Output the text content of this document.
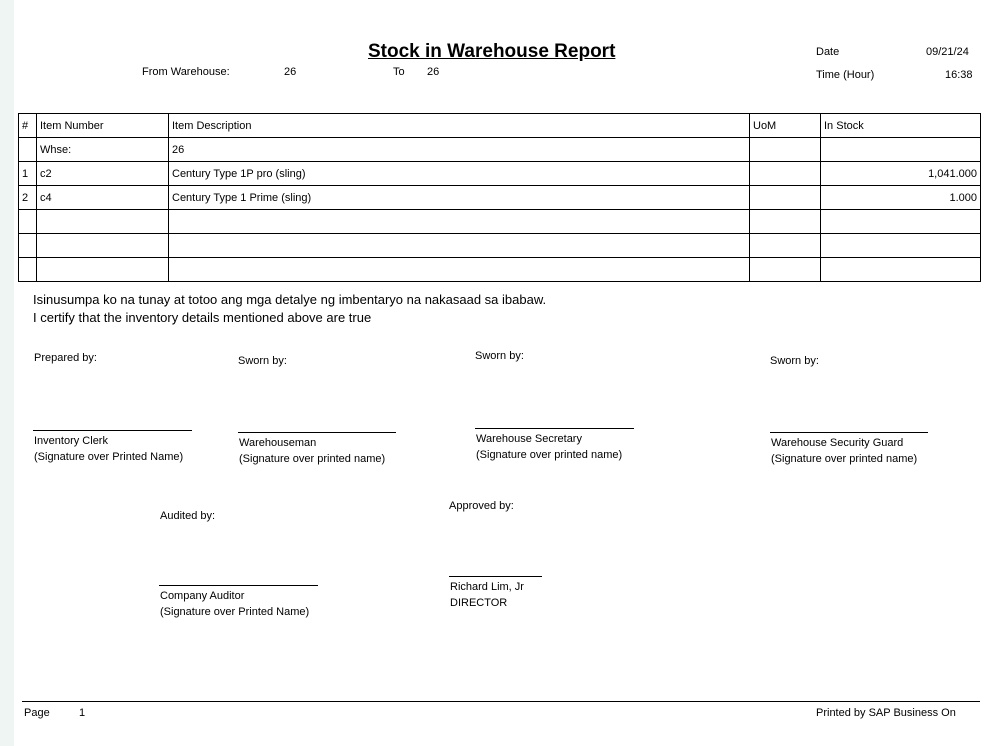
Stock in Warehouse Report
From Warehouse:	26	To 26
Date	09/21/24
Time (Hour)	16:38
#	Item Number	Item Description	UoM	In Stock
	Whse:	26		
1	c2	Century Type 1P pro (sling)		1,041.000
2	c4	Century Type 1 Prime (sling)		1.000

Isinusumpa ko na tunay at totoo ang mga detalye ng imbentaryo na nakasaad sa ibabaw.
I certify that the inventory details mentioned above are true
Prepared by:
Inventory Clerk
(Signature over Printed Name)
Sworn by:
Warehouseman
(Signature over printed name)
Sworn by:
Warehouse Secretary
(Signature over printed name)
Sworn by:
Warehouse Security Guard
(Signature over printed name)
Audited by:
Company Auditor
(Signature over Printed Name)
Approved by:
Richard Lim, Jr
DIRECTOR
Page	1	Printed by SAP Business On
